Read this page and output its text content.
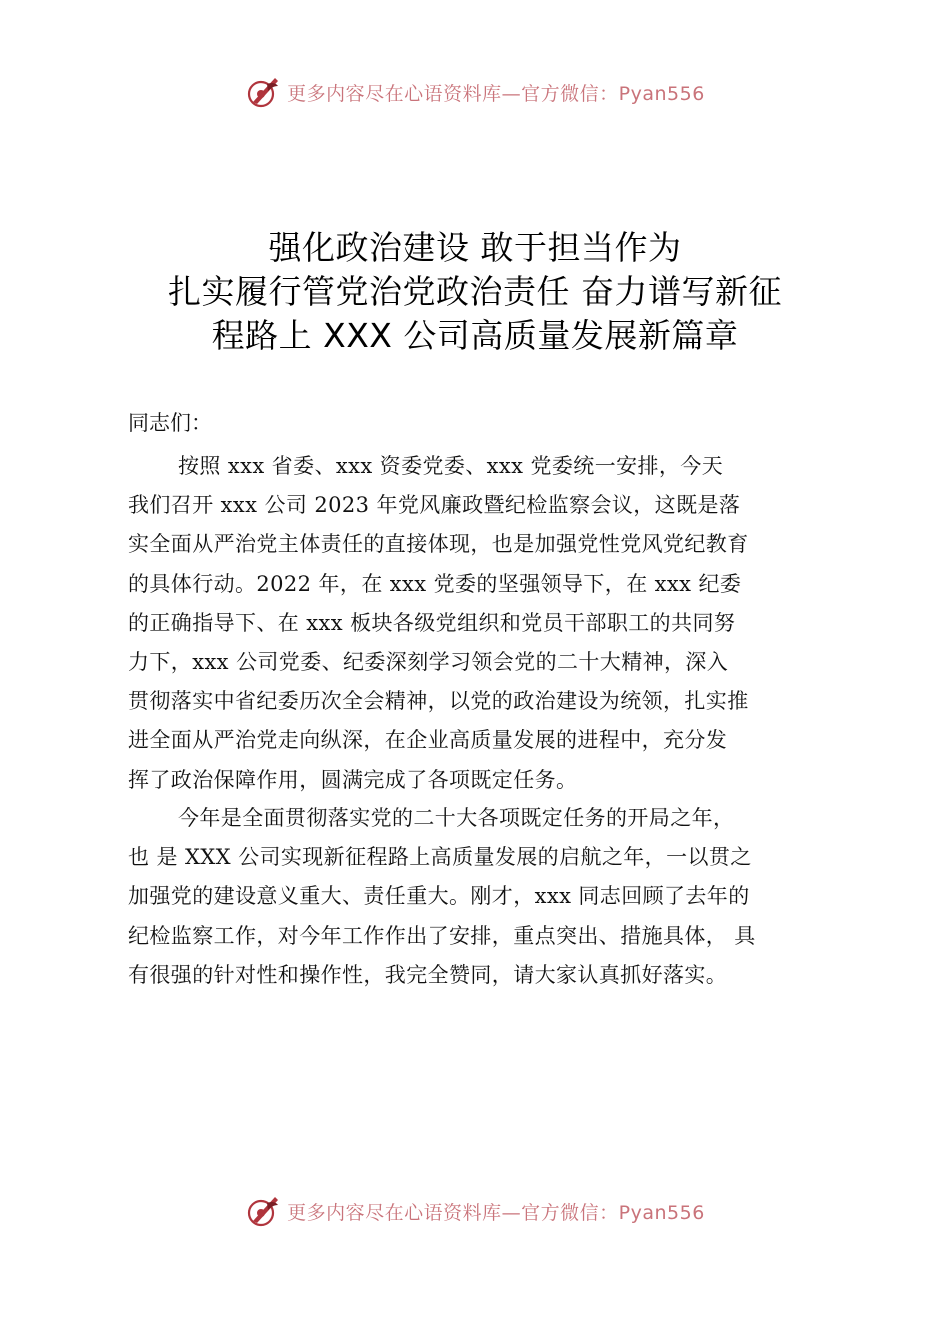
更多内容尽在心语资料库—官方微信：Pyan556
强化政治建设 敢于担当作为
扎实履行管党治党政治责任 奋力谱写新征
程路上 XXX 公司高质量发展新篇章
同志们：
按照 xxx 省委、xxx 资委党委、xxx 党委统一安排，今天
我们召开 xxx 公司 2023 年党风廉政暨纪检监察会议，这既是落
实全面从严治党主体责任的直接体现，也是加强党性党风党纪教育
的具体行动。2022 年，在 xxx 党委的坚强领导下，在 xxx 纪委
的正确指导下、在 xxx 板块各级党组织和党员干部职工的共同努
力下，xxx 公司党委、纪委深刻学习领会党的二十大精神，深入
贯彻落实中省纪委历次全会精神，以党的政治建设为统领，扎实推
进全面从严治党走向纵深，在企业高质量发展的进程中，充分发
挥了政治保障作用，圆满完成了各项既定任务。
今年是全面贯彻落实党的二十大各项既定任务的开局之年，
也 是 XXX 公司实现新征程路上高质量发展的启航之年，一以贯之
加强党的建设意义重大、责任重大。刚才，xxx 同志回顾了去年的
纪检监察工作，对今年工作作出了安排，重点突出、措施具体， 具
有很强的针对性和操作性，我完全赞同，请大家认真抓好落实。
更多内容尽在心语资料库—官方微信：Pyan556
